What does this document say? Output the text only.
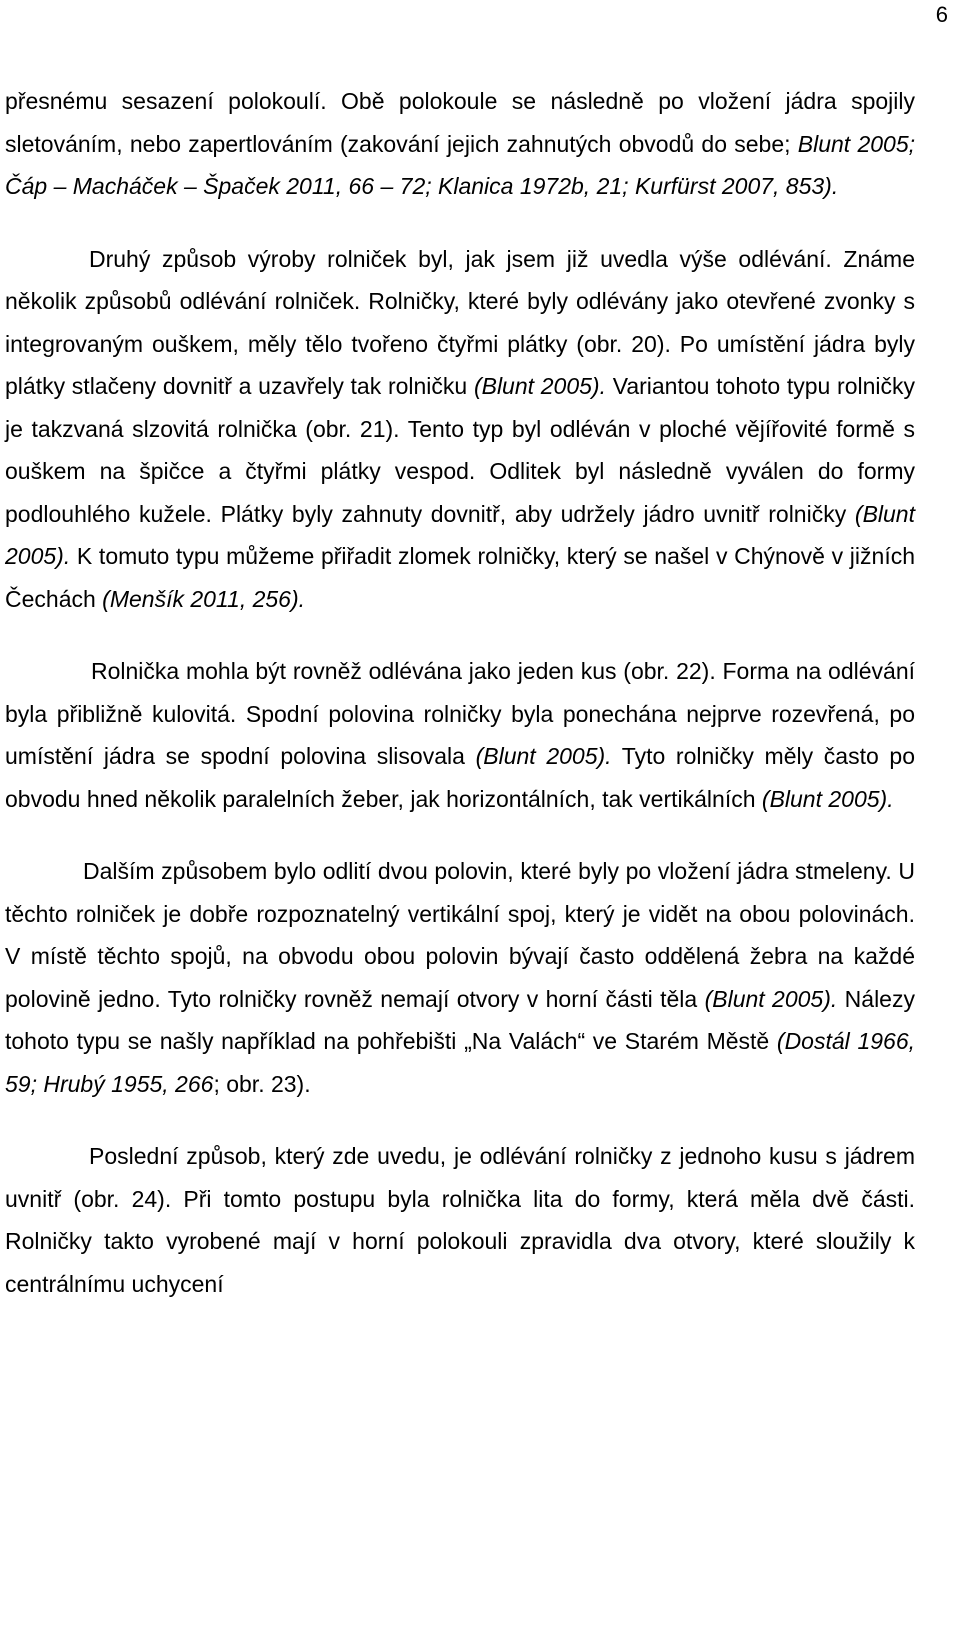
6

přesnému sesazení polokoulí. Obě polokoule se následně po vložení jádra spojily sletováním, nebo zapertlováním (zakování jejich zahnutých obvodů do sebe; Blunt 2005; Čáp – Macháček – Špaček 2011, 66 – 72; Klanica 1972b, 21; Kurfürst 2007, 853).

Druhý způsob výroby rolniček byl, jak jsem již uvedla výše odlévání. Známe několik způsobů odlévání rolniček. Rolničky, které byly odlévány jako otevřené zvonky s integrovaným ouškem, měly tělo tvořeno čtyřmi plátky (obr. 20). Po umístění jádra byly plátky stlačeny dovnitř a uzavřely tak rolničku (Blunt 2005). Variantou tohoto typu rolničky je takzvaná slzovitá rolnička (obr. 21). Tento typ byl odléván v ploché vějířovité formě s ouškem na špičce a čtyřmi plátky vespod. Odlitek byl následně vyválen do formy podlouhlého kužele. Plátky byly zahnuty dovnitř, aby udržely jádro uvnitř rolničky (Blunt 2005). K tomuto typu můžeme přiřadit zlomek rolničky, který se našel v Chýnově v jižních Čechách (Menšík 2011, 256).

Rolnička mohla být rovněž odlévána jako jeden kus (obr. 22). Forma na odlévání byla přibližně kulovitá. Spodní polovina rolničky byla ponechána nejprve rozevřená, po umístění jádra se spodní polovina slisovala (Blunt 2005). Tyto rolničky měly často po obvodu hned několik paralelních žeber, jak horizontálních, tak vertikálních (Blunt 2005).

Dalším způsobem bylo odlití dvou polovin, které byly po vložení jádra stmeleny. U těchto rolniček je dobře rozpoznatelný vertikální spoj, který je vidět na obou polovinách. V místě těchto spojů, na obvodu obou polovin bývají často oddělená žebra na každé polovině jedno. Tyto rolničky rovněž nemají otvory v horní části těla (Blunt 2005). Nálezy tohoto typu se našly například na pohřebišti „Na Valách“ ve Starém Městě (Dostál 1966, 59; Hrubý 1955, 266; obr. 23).

Poslední způsob, který zde uvedu, je odlévání rolničky z jednoho kusu s jádrem uvnitř (obr. 24). Při tomto postupu byla rolnička lita do formy, která měla dvě části. Rolničky takto vyrobené mají v horní polokouli zpravidla dva otvory, které sloužily k centrálnímu uchycení
